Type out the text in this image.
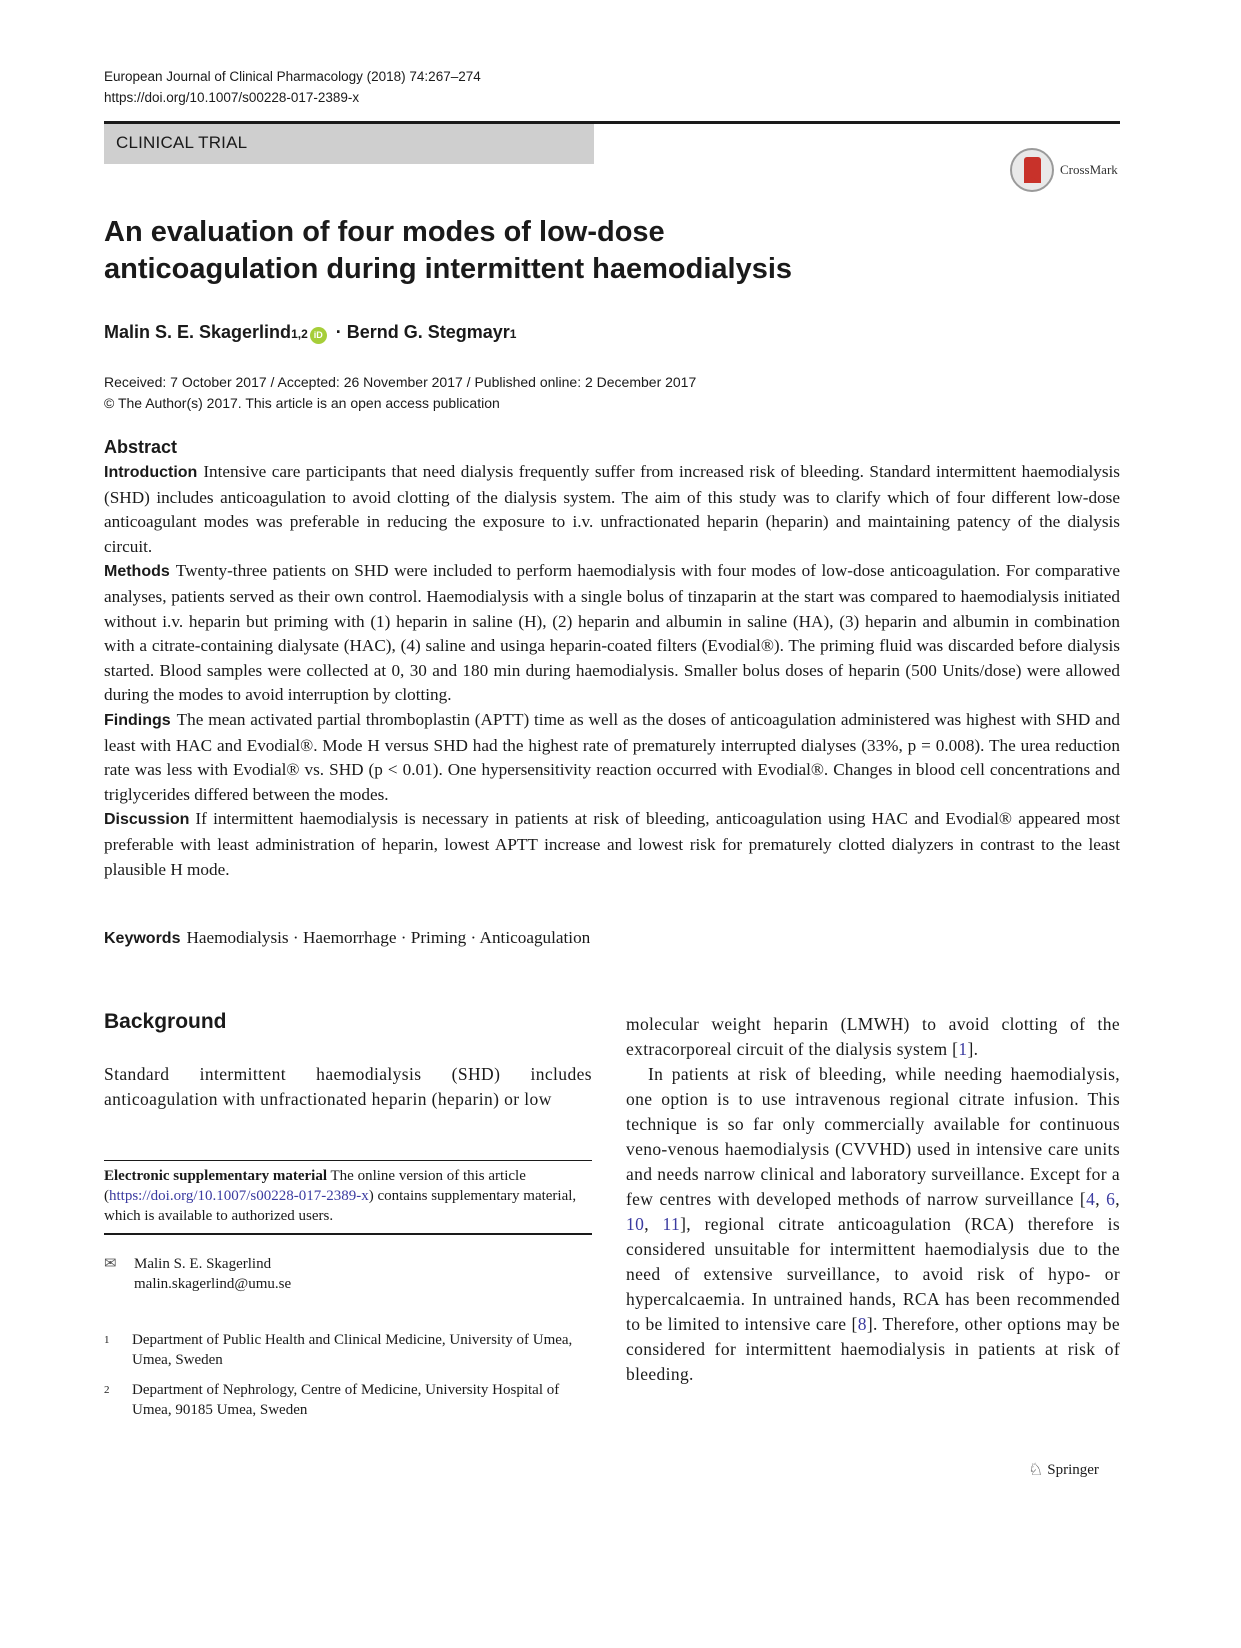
European Journal of Clinical Pharmacology (2018) 74:267–274
https://doi.org/10.1007/s00228-017-2389-x
CLINICAL TRIAL
CrossMark
An evaluation of four modes of low-dose anticoagulation during intermittent haemodialysis
Malin S. E. Skagerlind 1,2 iD · Bernd G. Stegmayr 1
Received: 7 October 2017 / Accepted: 26 November 2017 / Published online: 2 December 2017
© The Author(s) 2017. This article is an open access publication
Abstract

Introduction Intensive care participants that need dialysis frequently suffer from increased risk of bleeding. Standard intermittent haemodialysis (SHD) includes anticoagulation to avoid clotting of the dialysis system. The aim of this study was to clarify which of four different low-dose anticoagulant modes was preferable in reducing the exposure to i.v. unfractionated heparin (heparin) and maintaining patency of the dialysis circuit.

Methods Twenty-three patients on SHD were included to perform haemodialysis with four modes of low-dose anticoagulation. For comparative analyses, patients served as their own control. Haemodialysis with a single bolus of tinzaparin at the start was compared to haemodialysis initiated without i.v. heparin but priming with (1) heparin in saline (H), (2) heparin and albumin in saline (HA), (3) heparin and albumin in combination with a citrate-containing dialysate (HAC), (4) saline and usinga heparin-coated filters (Evodial®). The priming fluid was discarded before dialysis started. Blood samples were collected at 0, 30 and 180 min during haemodialysis. Smaller bolus doses of heparin (500 Units/dose) were allowed during the modes to avoid interruption by clotting.

Findings The mean activated partial thromboplastin (APTT) time as well as the doses of anticoagulation administered was highest with SHD and least with HAC and Evodial®. Mode H versus SHD had the highest rate of prematurely interrupted dialyses (33%, p = 0.008). The urea reduction rate was less with Evodial® vs. SHD (p < 0.01). One hypersensitivity reaction occurred with Evodial®. Changes in blood cell concentrations and triglycerides differed between the modes.

Discussion If intermittent haemodialysis is necessary in patients at risk of bleeding, anticoagulation using HAC and Evodial® appeared most preferable with least administration of heparin, lowest APTT increase and lowest risk for prematurely clotted dialyzers in contrast to the least plausible H mode.

Keywords Haemodialysis · Haemorrhage · Priming · Anticoagulation
Background
Standard intermittent haemodialysis (SHD) includes anticoagulation with unfractionated heparin (heparin) or low
Electronic supplementary material The online version of this article (https://doi.org/10.1007/s00228-017-2389-x) contains supplementary material, which is available to authorized users.
✉	Malin S. E. Skagerlind
malin.skagerlind@umu.se
1	Department of Public Health and Clinical Medicine, University of Umea, Umea, Sweden
2	Department of Nephrology, Centre of Medicine, University Hospital of Umea, 90185 Umea, Sweden

molecular weight heparin (LMWH) to avoid clotting of the extracorporeal circuit of the dialysis system [1].

In patients at risk of bleeding, while needing haemodialysis, one option is to use intravenous regional citrate infusion. This technique is so far only commercially available for continuous veno-venous haemodialysis (CVVHD) used in intensive care units and needs narrow clinical and laboratory surveillance. Except for a few centres with developed methods of narrow surveillance [4, 6, 10, 11], regional citrate anticoagulation (RCA) therefore is considered unsuitable for intermittent haemodialysis due to the need of extensive surveillance, to avoid risk of hypo- or hypercalcaemia. In untrained hands, RCA has been recommended to be limited to intensive care [8]. Therefore, other options may be considered for intermittent haemodialysis in patients at risk of bleeding.

♘ Springer
